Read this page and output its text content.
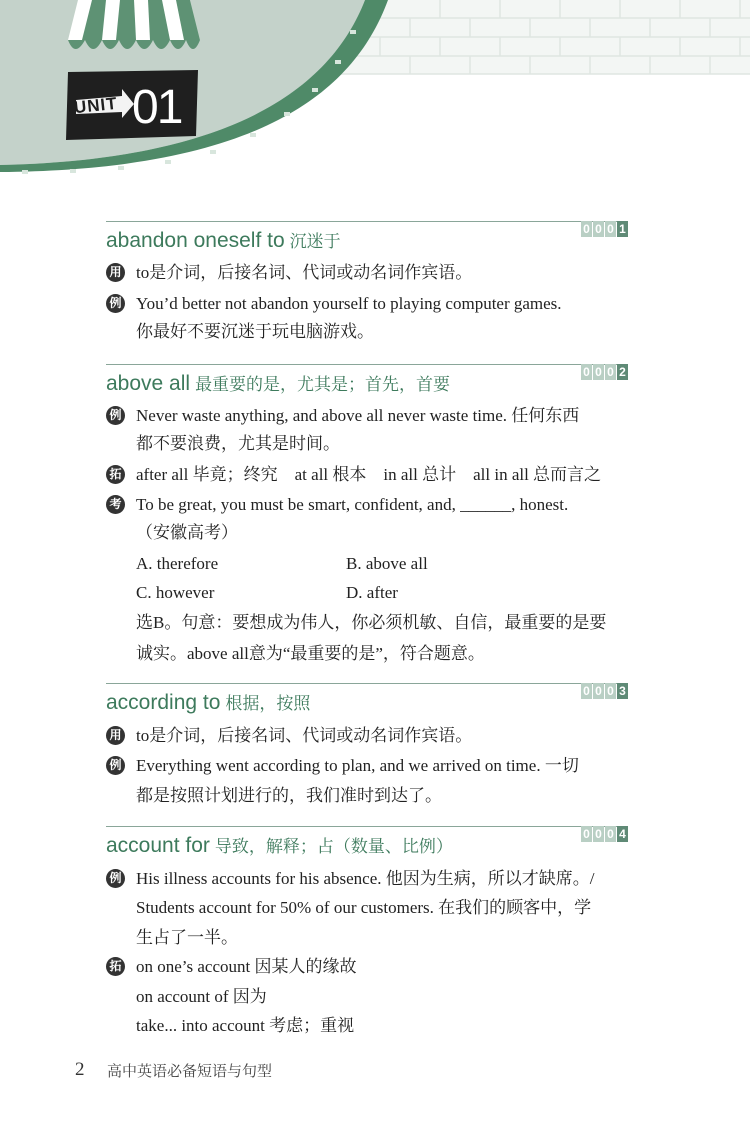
UNIT 01
0 0 0 1
abandon oneself to 沉迷于
用 to是介词，后接名词、代词或动名词作宾语。
例 You’d better not abandon yourself to playing computer games.
你最好不要沉迷于玩电脑游戏。
0 0 0 2
above all 最重要的是，尤其是；首先，首要
例 Never waste anything, and above all never waste time. 任何东西
都不要浪费，尤其是时间。
拓 after all 毕竟；终究　at all 根本　in all 总计　all in all 总而言之
考 To be great, you must be smart, confident, and, ______, honest.
（安徽高考）
A. therefore	B. above all
C. however	D. after
选B。句意：要想成为伟人，你必须机敏、自信，最重要的是要
诚实。above all意为“最重要的是”，符合题意。
0 0 0 3
according to 根据，按照
用 to是介词，后接名词、代词或动名词作宾语。
例 Everything went according to plan, and we arrived on time. 一切
都是按照计划进行的，我们准时到达了。
0 0 0 4
account for 导致，解释；占（数量、比例）
例 His illness accounts for his absence. 他因为生病，所以才缺席。/
Students account for 50% of our customers. 在我们的顾客中，学
生占了一半。
拓 on one’s account 因某人的缘故
on account of 因为
take... into account 考虑；重视
2 高中英语必备短语与句型
